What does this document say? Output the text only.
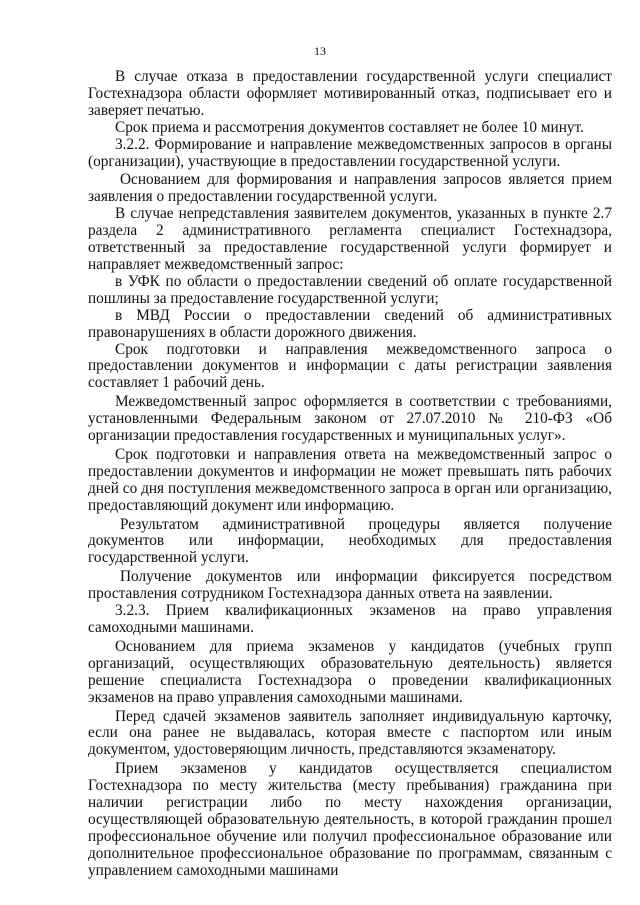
13

В случае отказа в предоставлении государственной услуги специалист Гостехнадзора области оформляет мотивированный отказ, подписывает его и заверяет печатью.

Срок приема и рассмотрения документов составляет не более 10 минут.

3.2.2. Формирование и направление межведомственных запросов в органы (организации), участвующие в предоставлении государственной услуги.

Основанием для формирования и направления запросов является прием заявления о предоставлении государственной услуги.

В случае непредставления заявителем документов, указанных в пункте 2.7 раздела 2 административного регламента специалист Гостехнадзора, ответственный за предоставление государственной услуги формирует и направляет межведомственный запрос:

в УФК по области о предоставлении сведений об оплате государственной пошлины за предоставление государственной услуги;

в МВД России о предоставлении сведений об административных правонарушениях в области дорожного движения.

Срок подготовки и направления межведомственного запроса о предоставлении документов и информации с даты регистрации заявления составляет 1 рабочий день.

Межведомственный запрос оформляется в соответствии с требованиями, установленными Федеральным законом от 27.07.2010 № 210-ФЗ «Об организации предоставления государственных и муниципальных услуг».

Срок подготовки и направления ответа на межведомственный запрос о предоставлении документов и информации не может превышать пять рабочих дней со дня поступления межведомственного запроса в орган или организацию, предоставляющий документ или информацию.

Результатом административной процедуры является получение документов или информации, необходимых для предоставления государственной услуги.

Получение документов или информации фиксируется посредством проставления сотрудником Гостехнадзора данных ответа на заявлении.

3.2.3. Прием квалификационных экзаменов на право управления самоходными машинами.

Основанием для приема экзаменов у кандидатов (учебных групп организаций, осуществляющих образовательную деятельность) является решение специалиста Гостехнадзора о проведении квалификационных экзаменов на право управления самоходными машинами.

Перед сдачей экзаменов заявитель заполняет индивидуальную карточку, если она ранее не выдавалась, которая вместе с паспортом или иным документом, удостоверяющим личность, представляются экзаменатору.

Прием экзаменов у кандидатов осуществляется специалистом Гостехнадзора по месту жительства (месту пребывания) гражданина при наличии регистрации либо по месту нахождения организации, осуществляющей образовательную деятельность, в которой гражданин прошел профессиональное обучение или получил профессиональное образование или дополнительное профессиональное образование по программам, связанным с управлением самоходными машинами
